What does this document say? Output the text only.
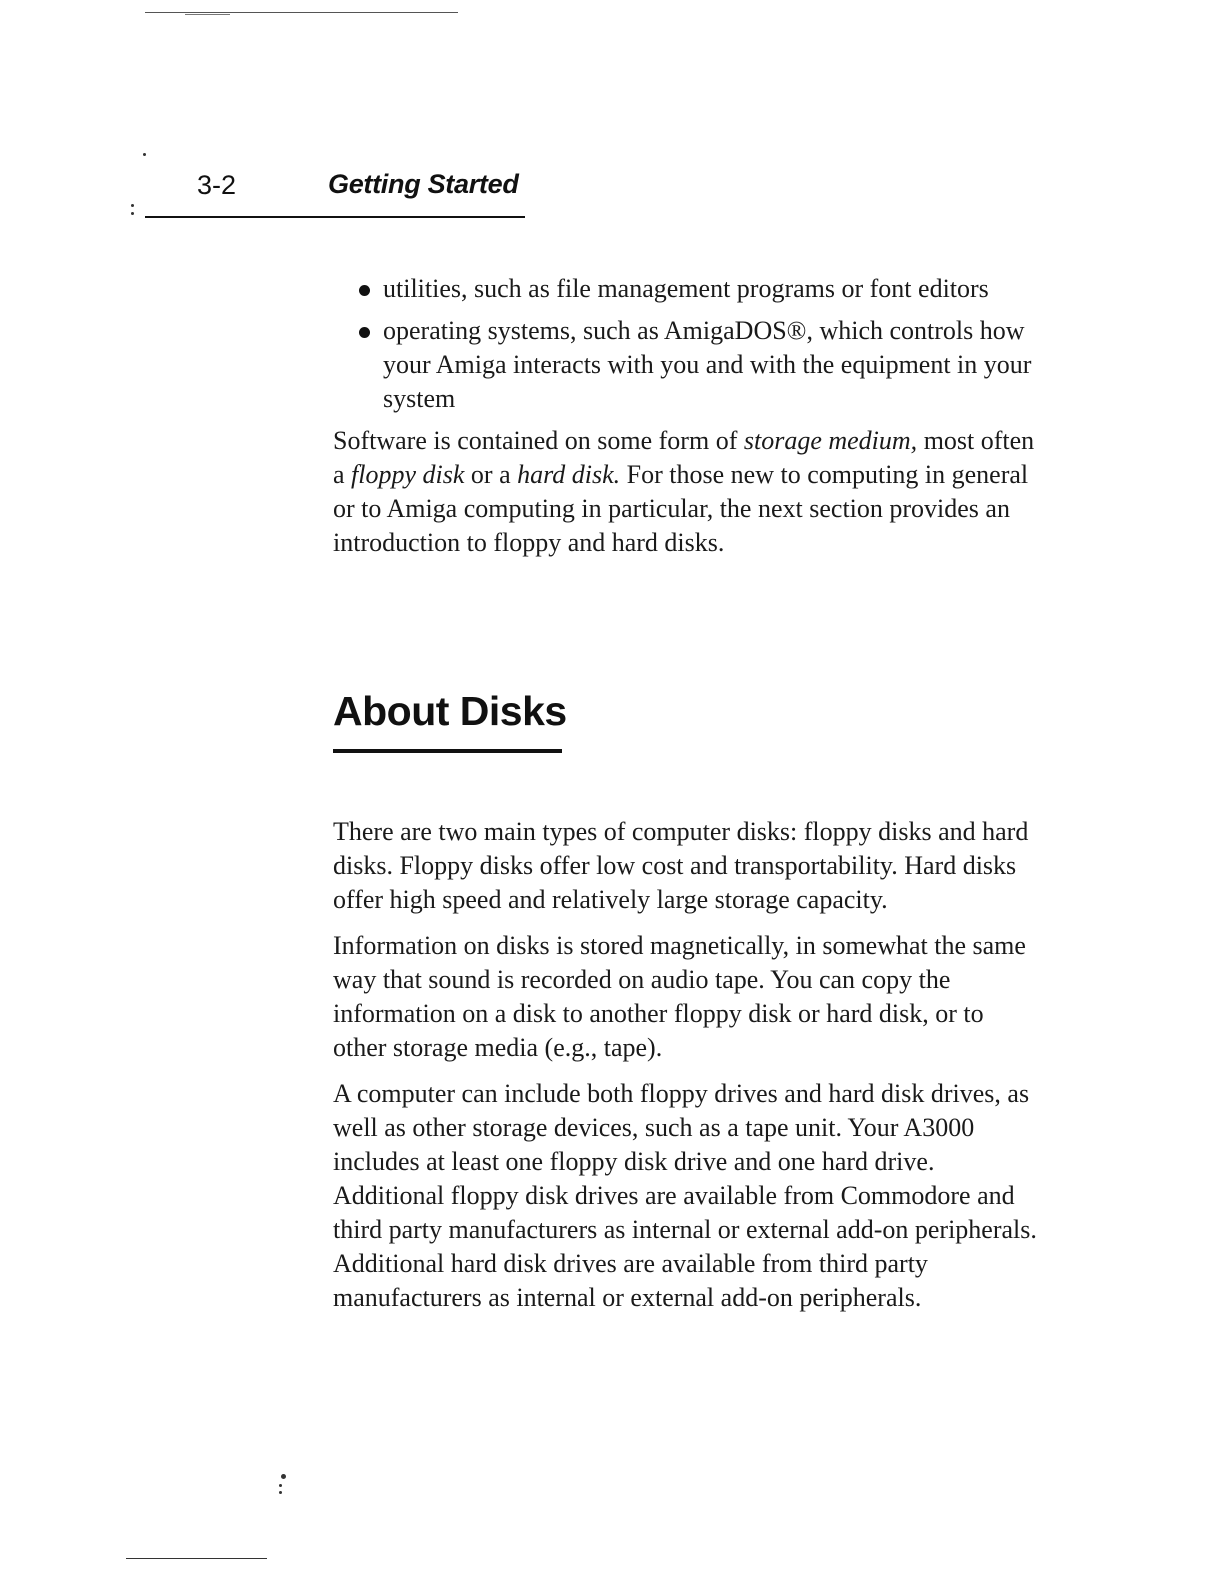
3-2	Getting Started
utilities, such as file management programs or font editors
operating systems, such as AmigaDOS®, which controls how your Amiga interacts with you and with the equipment in your system

Software is contained on some form of storage medium, most often a floppy disk or a hard disk. For those new to computing in general or to Amiga computing in particular, the next section provides an introduction to floppy and hard disks.

About Disks

There are two main types of computer disks: floppy disks and hard disks. Floppy disks offer low cost and transportability. Hard disks offer high speed and relatively large storage capacity.

Information on disks is stored magnetically, in somewhat the same way that sound is recorded on audio tape. You can copy the information on a disk to another floppy disk or hard disk, or to other storage media (e.g., tape).

A computer can include both floppy drives and hard disk drives, as well as other storage devices, such as a tape unit. Your A3000 includes at least one floppy disk drive and one hard drive. Additional floppy disk drives are available from Commodore and third party manufacturers as internal or external add-on peripherals. Additional hard disk drives are available from third party manufacturers as internal or external add-on peripherals.
